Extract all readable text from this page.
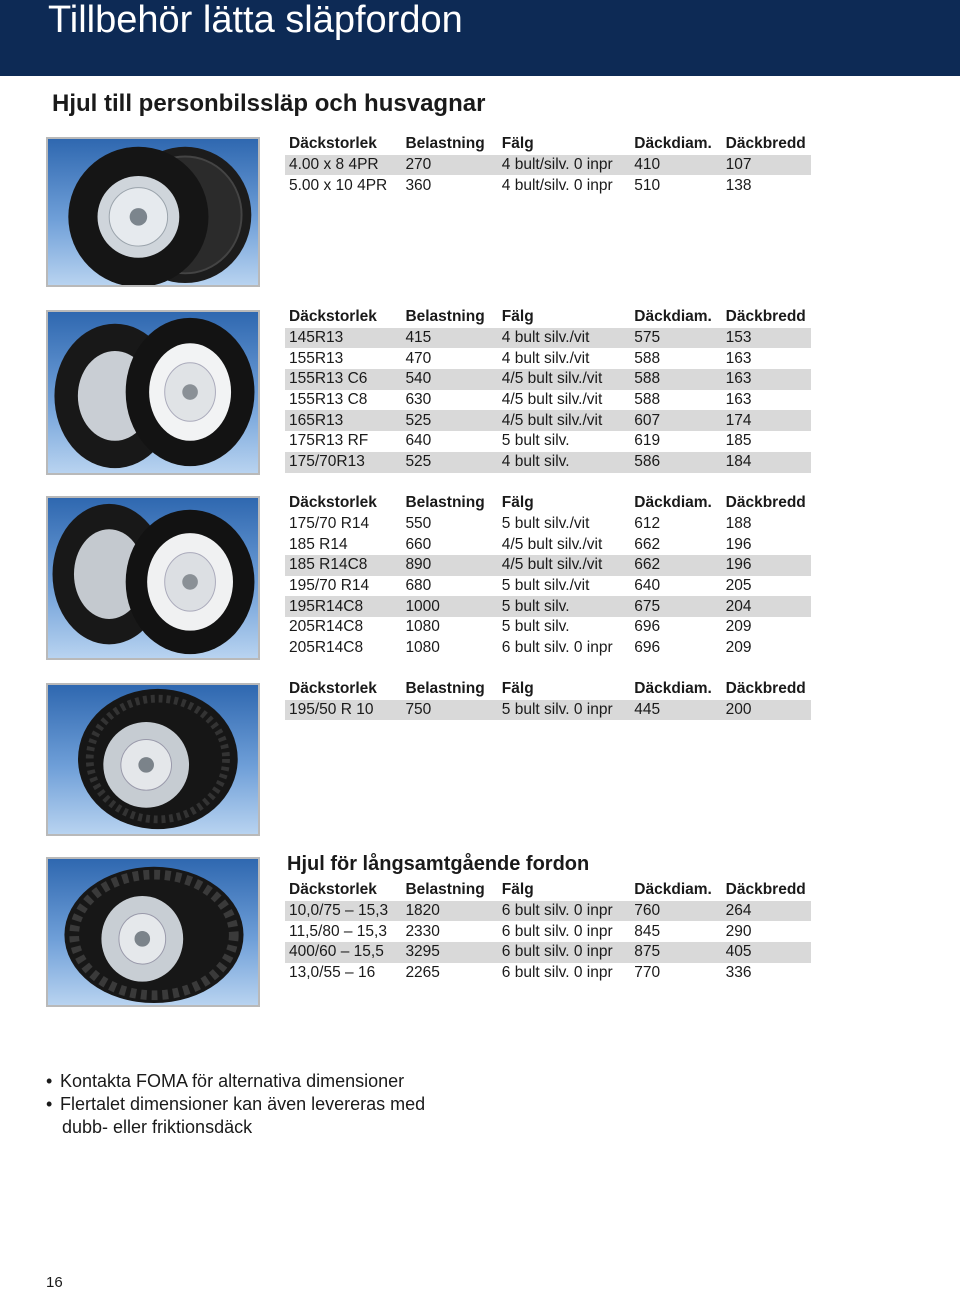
Tillbehör lätta släpfordon
Hjul till personbilssläp och husvagnar
Däckstorlek	Belastning	Fälg	Däckdiam.	Däckbredd
4.00 x 8 4PR	270	4 bult/silv. 0 inpr	410	107
5.00 x 10 4PR	360	4 bult/silv. 0 inpr	510	138
Däckstorlek	Belastning	Fälg	Däckdiam.	Däckbredd
145R13	415	4 bult silv./vit	575	153
155R13	470	4 bult silv./vit	588	163
155R13 C6	540	4/5 bult silv./vit	588	163
155R13 C8	630	4/5 bult silv./vit	588	163
165R13	525	4/5 bult silv./vit	607	174
175R13 RF	640	5 bult silv.	619	185
175/70R13	525	4 bult silv.	586	184
Däckstorlek	Belastning	Fälg	Däckdiam.	Däckbredd
175/70 R14	550	5 bult silv./vit	612	188
185 R14	660	4/5 bult silv./vit	662	196
185 R14C8	890	4/5 bult silv./vit	662	196
195/70 R14	680	5 bult silv./vit	640	205
195R14C8	1000	5 bult silv.	675	204
205R14C8	1080	5 bult silv.	696	209
205R14C8	1080	6 bult silv. 0 inpr	696	209
Däckstorlek	Belastning	Fälg	Däckdiam.	Däckbredd
195/50 R 10	750	5 bult silv. 0 inpr	445	200
Hjul för långsamtgående fordon
Däckstorlek	Belastning	Fälg	Däckdiam.	Däckbredd
10,0/75 – 15,3	1820	6 bult silv. 0 inpr	760	264
11,5/80 – 15,3	2330	6 bult silv. 0 inpr	845	290
400/60 – 15,5	3295	6 bult silv. 0 inpr	875	405
13,0/55 – 16	2265	6 bult silv. 0 inpr	770	336
• Kontakta FOMA för alternativa dimensioner
• Flertalet dimensioner kan även levereras med
dubb- eller friktionsdäck
16
